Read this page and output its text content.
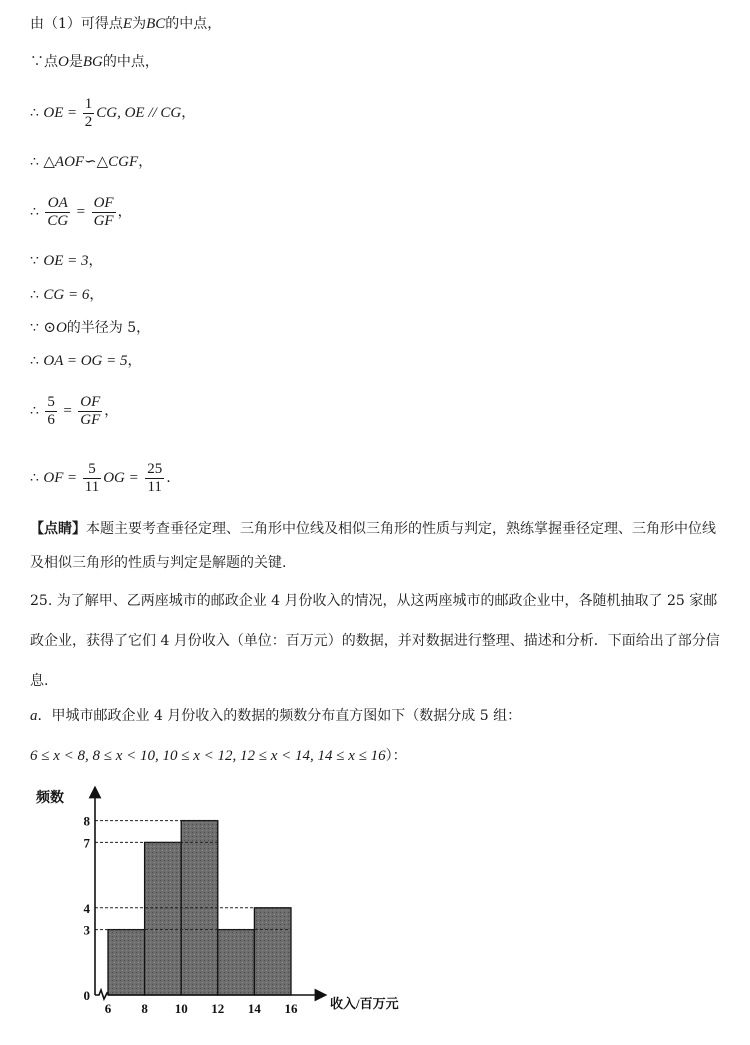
由（1）可得点E为BC的中点，
∵点O是BG的中点，
∴ OE = $\frac{1}{2}$ CG, OE // CG，
∴ △AOF∽△CGF，
∴ $\frac{OA}{CG} = \frac{OF}{GF}$ ，
∵ OE = 3，
∴ CG = 6，
∵ ⊙O的半径为 5，
∴ OA = OG = 5，
∴ $\frac{5}{6} = \frac{OF}{GF}$ ，
∴ OF = $\frac{5}{11}$ OG = $\frac{25}{11}$ .
【点睛】本题主要考查垂径定理、三角形中位线及相似三角形的性质与判定，熟练掌握垂径定理、三角形中位线及相似三角形的性质与判定是解题的关键.
25. 为了解甲、乙两座城市的邮政企业 4 月份收入的情况，从这两座城市的邮政企业中，各随机抽取了 25 家邮政企业，获得了它们 4 月份收入（单位：百万元）的数据，并对数据进行整理、描述和分析．下面给出了部分信息.
a．甲城市邮政企业 4 月份收入的数据的频数分布直方图如下（数据分成 5 组：
6 ≤ x < 8, 8 ≤ x < 10, 10 ≤ x < 12, 12 ≤ x < 14, 14 ≤ x ≤ 16）：
0
3
4
7
8
6 8 10 12 14 16
频数
收入/百万元
